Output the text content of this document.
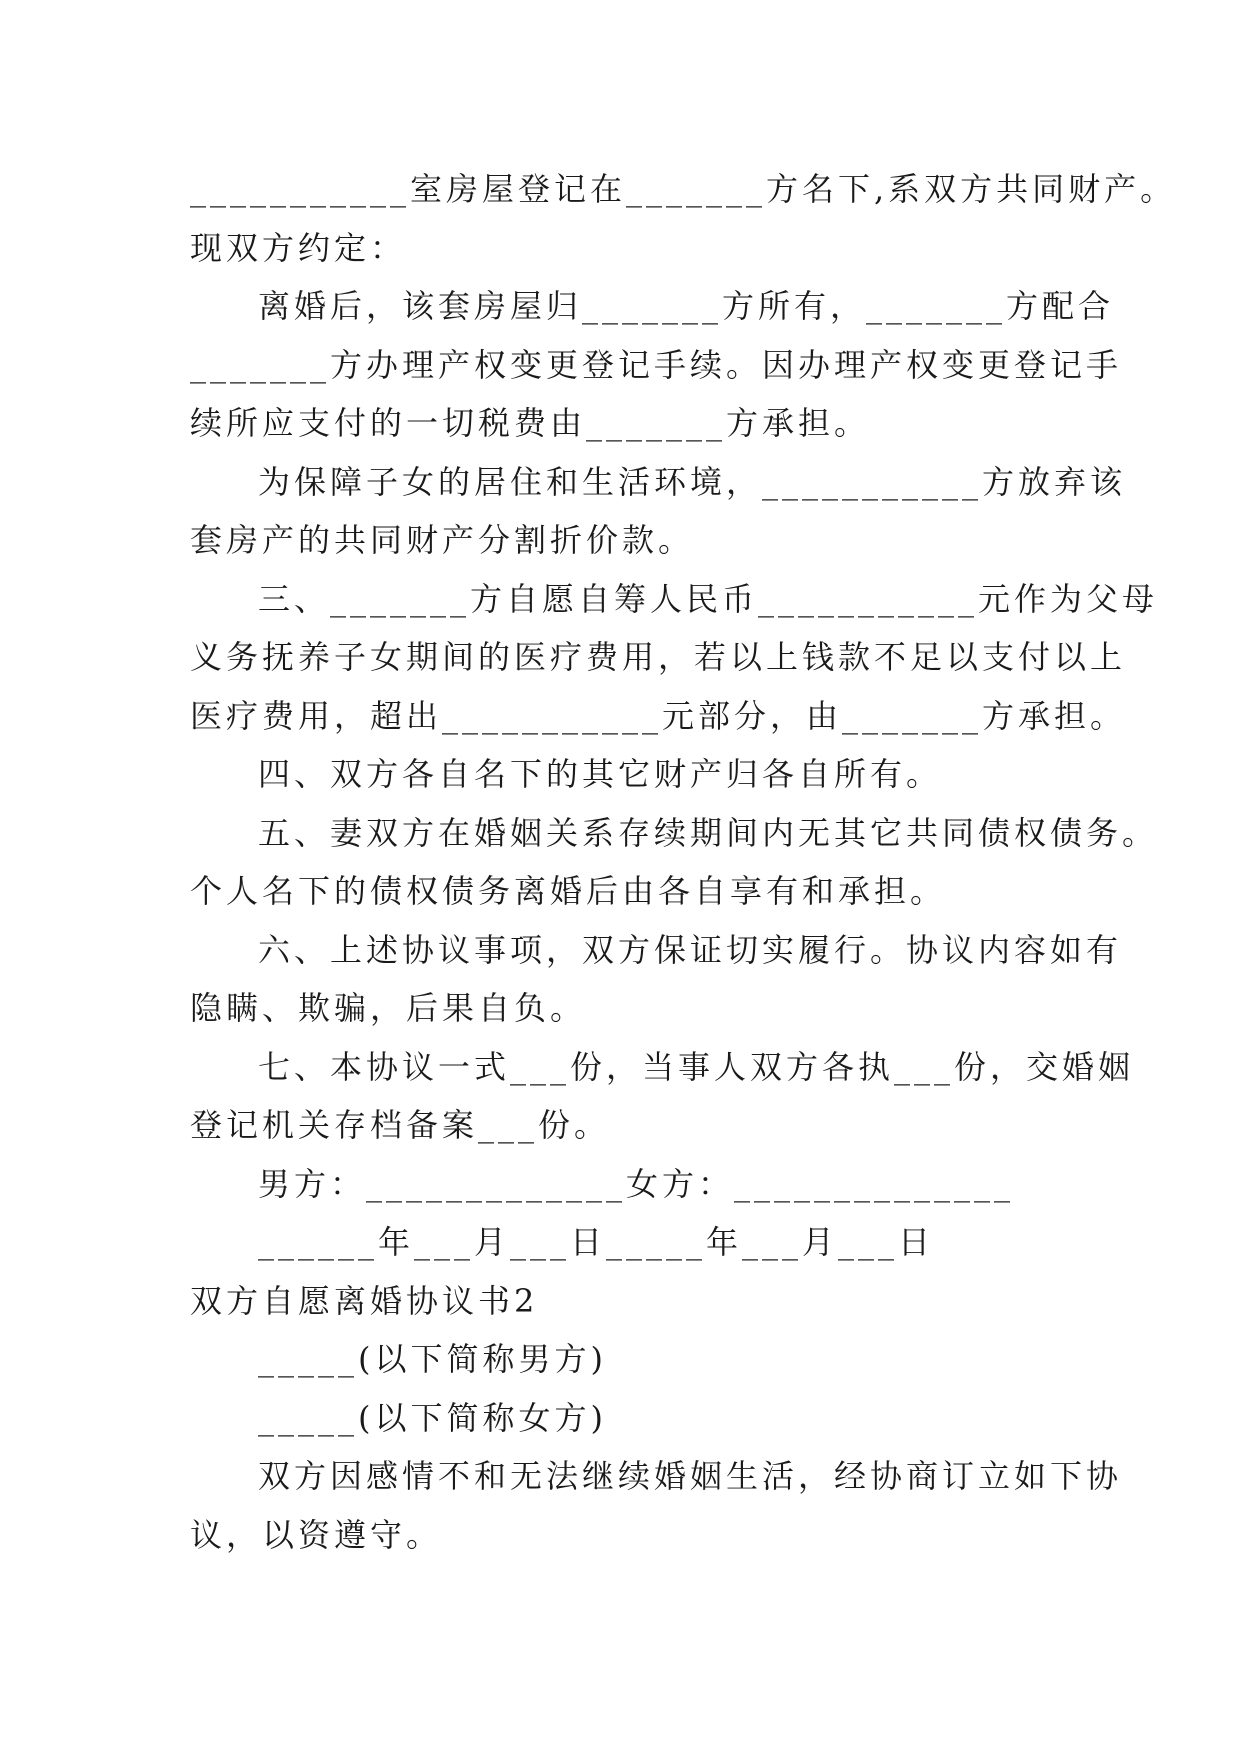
___________室房屋登记在_______方名下,系双方共同财产。
现双方约定：
离婚后，该套房屋归_______方所有，_______方配合
_______方办理产权变更登记手续。因办理产权变更登记手
续所应支付的一切税费由_______方承担。
为保障子女的居住和生活环境，___________方放弃该
套房产的共同财产分割折价款。
三、_______方自愿自筹人民币___________元作为父母
义务抚养子女期间的医疗费用，若以上钱款不足以支付以上
医疗费用，超出___________元部分，由_______方承担。
四、双方各自名下的其它财产归各自所有。
五、妻双方在婚姻关系存续期间内无其它共同债权债务。
个人名下的债权债务离婚后由各自享有和承担。
六、上述协议事项，双方保证切实履行。协议内容如有
隐瞒、欺骗，后果自负。
七、本协议一式___份，当事人双方各执___份，交婚姻
登记机关存档备案___份。
男方：_____________女方：______________
______年___月___日_____年___月___日
双方自愿离婚协议书2
_____(以下简称男方)
_____(以下简称女方)
双方因感情不和无法继续婚姻生活，经协商订立如下协
议，以资遵守。
